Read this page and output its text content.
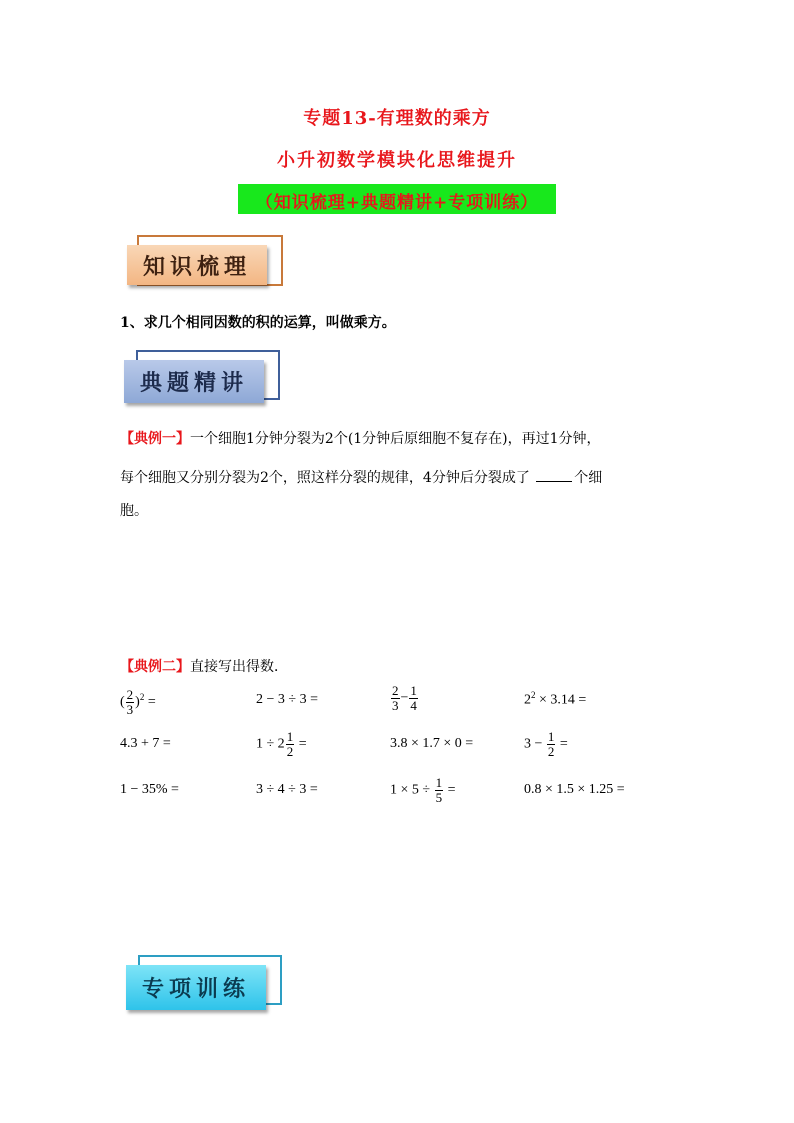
专题13-有理数的乘方
小升初数学模块化思维提升
（知识梳理+典题精讲+专项训练）
知识梳理
1、求几个相同因数的积的运算，叫做乘方。
典题精讲
【典例一】一个细胞1分钟分裂为2个(1分钟后原细胞不复存在)，再过1分钟，
每个细胞又分别分裂为2个，照这样分裂的规律，4分钟后分裂成了	个细
胞。
【典例二】直接写出得数．
( $\frac{2}{3} )^2$ =	2 − 3 ÷ 3 =	$\frac{2}{3} - \frac{1}{4}$	$2^2 \times 3.14$ =
4.3 + 7 =	$1 \div 2 \frac{1}{2}$ =	3.8 × 1.7 × 0 =	$3 - \frac{1}{2}$ =
1 − 35% =	3 ÷ 4 ÷ 3 =	$1 \times 5 \div \frac{1}{5}$ =	0.8 × 1.5 × 1.25 =
专项训练
